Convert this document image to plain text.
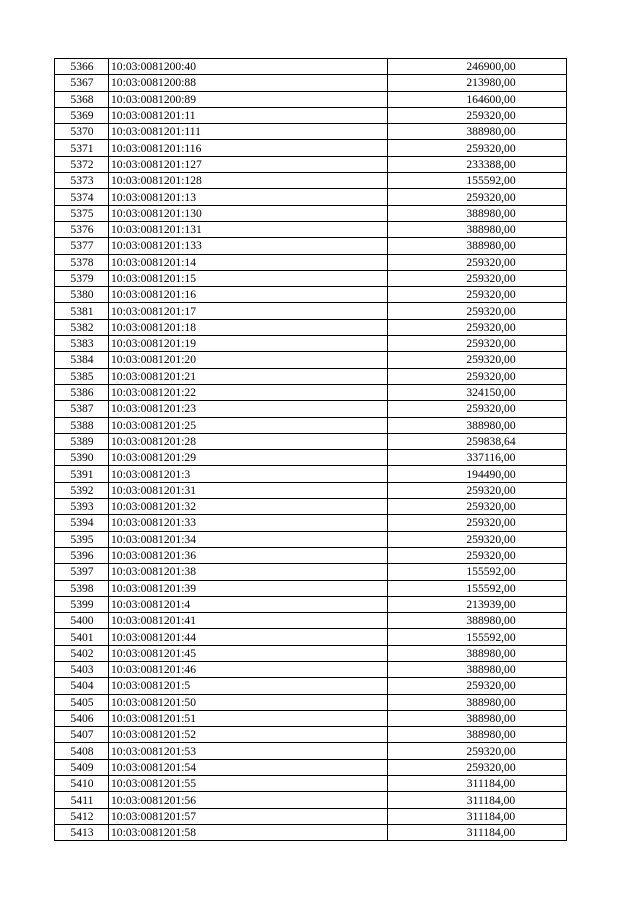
5366	10:03:0081200:40	246900,00
5367	10:03:0081200:88	213980,00
5368	10:03:0081200:89	164600,00
5369	10:03:0081201:11	259320,00
5370	10:03:0081201:111	388980,00
5371	10:03:0081201:116	259320,00
5372	10:03:0081201:127	233388,00
5373	10:03:0081201:128	155592,00
5374	10:03:0081201:13	259320,00
5375	10:03:0081201:130	388980,00
5376	10:03:0081201:131	388980,00
5377	10:03:0081201:133	388980,00
5378	10:03:0081201:14	259320,00
5379	10:03:0081201:15	259320,00
5380	10:03:0081201:16	259320,00
5381	10:03:0081201:17	259320,00
5382	10:03:0081201:18	259320,00
5383	10:03:0081201:19	259320,00
5384	10:03:0081201:20	259320,00
5385	10:03:0081201:21	259320,00
5386	10:03:0081201:22	324150,00
5387	10:03:0081201:23	259320,00
5388	10:03:0081201:25	388980,00
5389	10:03:0081201:28	259838,64
5390	10:03:0081201:29	337116,00
5391	10:03:0081201:3	194490,00
5392	10:03:0081201:31	259320,00
5393	10:03:0081201:32	259320,00
5394	10:03:0081201:33	259320,00
5395	10:03:0081201:34	259320,00
5396	10:03:0081201:36	259320,00
5397	10:03:0081201:38	155592,00
5398	10:03:0081201:39	155592,00
5399	10:03:0081201:4	213939,00
5400	10:03:0081201:41	388980,00
5401	10:03:0081201:44	155592,00
5402	10:03:0081201:45	388980,00
5403	10:03:0081201:46	388980,00
5404	10:03:0081201:5	259320,00
5405	10:03:0081201:50	388980,00
5406	10:03:0081201:51	388980,00
5407	10:03:0081201:52	388980,00
5408	10:03:0081201:53	259320,00
5409	10:03:0081201:54	259320,00
5410	10:03:0081201:55	311184,00
5411	10:03:0081201:56	311184,00
5412	10:03:0081201:57	311184,00
5413	10:03:0081201:58	311184,00
